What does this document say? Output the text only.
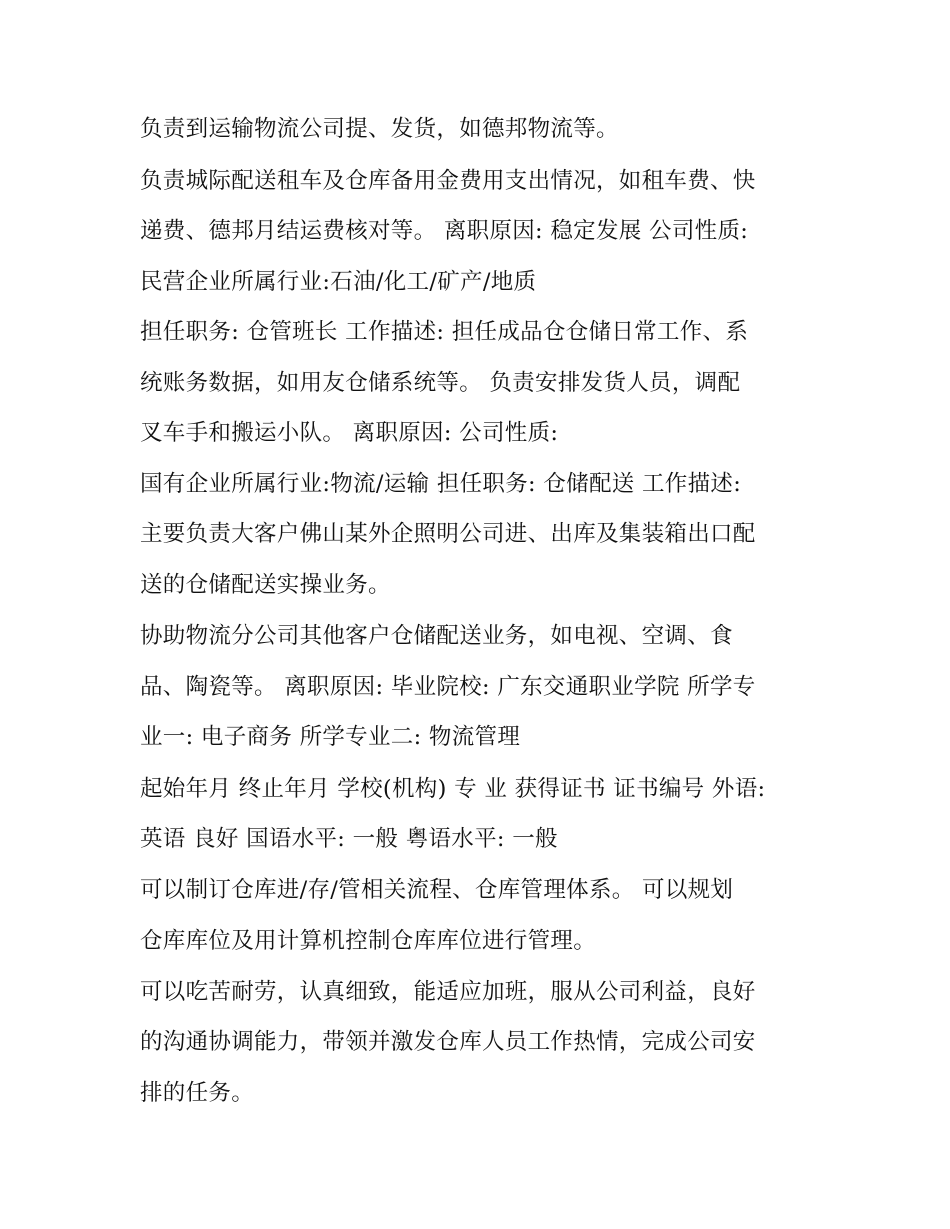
负责到运输物流公司提、发货，如德邦物流等。
负责城际配送租车及仓库备用金费用支出情况，如租车费、快
递费、德邦月结运费核对等。 离职原因: 稳定发展 公司性质:
民营企业所属行业:石油/化工/矿产/地质
担任职务: 仓管班长 工作描述: 担任成品仓仓储日常工作、系
统账务数据，如用友仓储系统等。 负责安排发货人员，调配
叉车手和搬运小队。 离职原因: 公司性质:
国有企业所属行业:物流/运输 担任职务: 仓储配送 工作描述:
主要负责大客户佛山某外企照明公司进、出库及集装箱出口配
送的仓储配送实操业务。
协助物流分公司其他客户仓储配送业务，如电视、空调、食
品、陶瓷等。 离职原因: 毕业院校: 广东交通职业学院 所学专
业一: 电子商务 所学专业二: 物流管理
起始年月 终止年月 学校(机构) 专 业 获得证书 证书编号 外语:
英语 良好 国语水平: 一般 粤语水平: 一般
可以制订仓库进/存/管相关流程、仓库管理体系。 可以规划
仓库库位及用计算机控制仓库库位进行管理。
可以吃苦耐劳，认真细致，能适应加班，服从公司利益，良好
的沟通协调能力，带领并激发仓库人员工作热情，完成公司安
排的任务。
